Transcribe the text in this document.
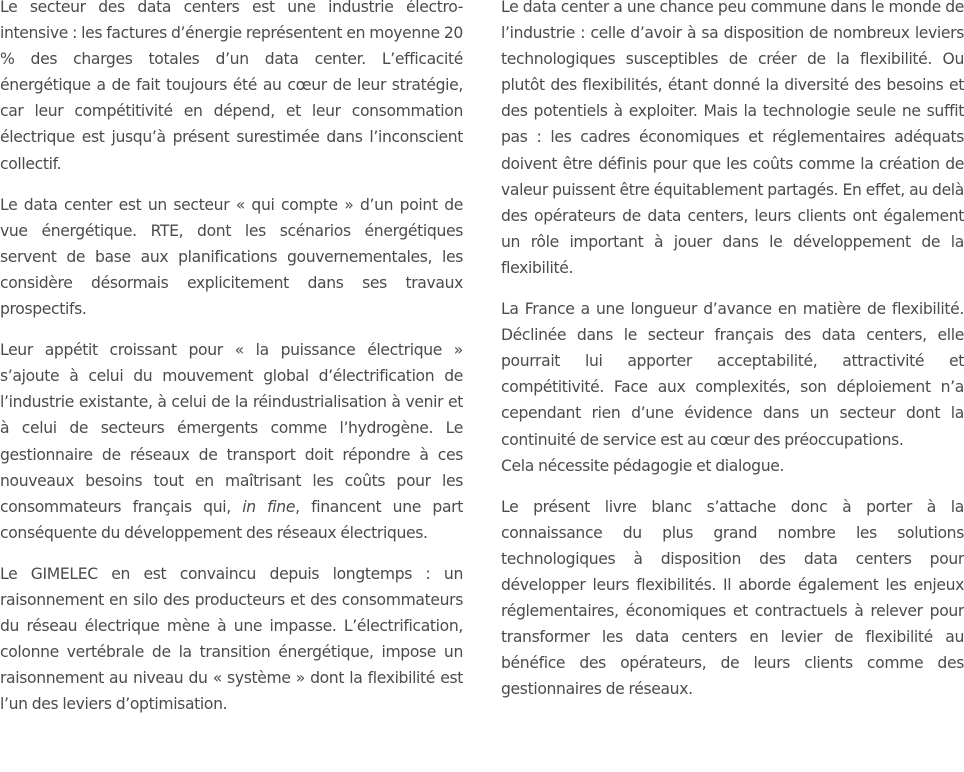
Le secteur des data centers est une industrie électro-intensive : les factures d’énergie représentent en moyenne 20 % des charges totales d’un data center. L’efficacité énergétique a de fait toujours été au cœur de leur stratégie, car leur compétitivité en dépend, et leur consommation électrique est jusqu’à présent surestimée dans l’inconscient collectif.

Le data center est un secteur « qui compte » d’un point de vue énergétique. RTE, dont les scénarios énergétiques servent de base aux planifications gouvernementales, les considère désormais explicitement dans ses travaux prospectifs.

Leur appétit croissant pour « la puissance électrique » s’ajoute à celui du mouvement global d’électrification de l’industrie existante, à celui de la réindustrialisation à venir et à celui de secteurs émergents comme l’hydrogène. Le gestionnaire de réseaux de transport doit répondre à ces nouveaux besoins tout en maîtrisant les coûts pour les consommateurs français qui, in fine, financent une part conséquente du développement des réseaux électriques.

Le GIMELEC en est convaincu depuis longtemps : un raisonnement en silo des producteurs et des consommateurs du réseau électrique mène à une impasse. L’électrification, colonne vertébrale de la transition énergétique, impose un raisonnement au niveau du « système » dont la flexibilité est l’un des leviers d’optimisation.

Le data center a une chance peu commune dans le monde de l’industrie : celle d’avoir à sa disposition de nombreux leviers technologiques susceptibles de créer de la flexibilité. Ou plutôt des flexibilités, étant donné la diversité des besoins et des potentiels à exploiter. Mais la technologie seule ne suffit pas : les cadres économiques et réglementaires adéquats doivent être définis pour que les coûts comme la création de valeur puissent être équitablement partagés. En effet, au delà des opérateurs de data centers, leurs clients ont également un rôle important à jouer dans le développement de la flexibilité.

La France a une longueur d’avance en matière de flexibilité. Déclinée dans le secteur français des data centers, elle pourrait lui apporter acceptabilité, attractivité et compétitivité. Face aux complexités, son déploiement n’a cependant rien d’une évidence dans un secteur dont la continuité de service est au cœur des préoccupations.
Cela nécessite pédagogie et dialogue.

Le présent livre blanc s’attache donc à porter à la connaissance du plus grand nombre les solutions technologiques à disposition des data centers pour développer leurs flexibilités. Il aborde également les enjeux réglementaires, économiques et contractuels à relever pour transformer les data centers en levier de flexibilité au bénéfice des opérateurs, de leurs clients comme des gestionnaires de réseaux.
